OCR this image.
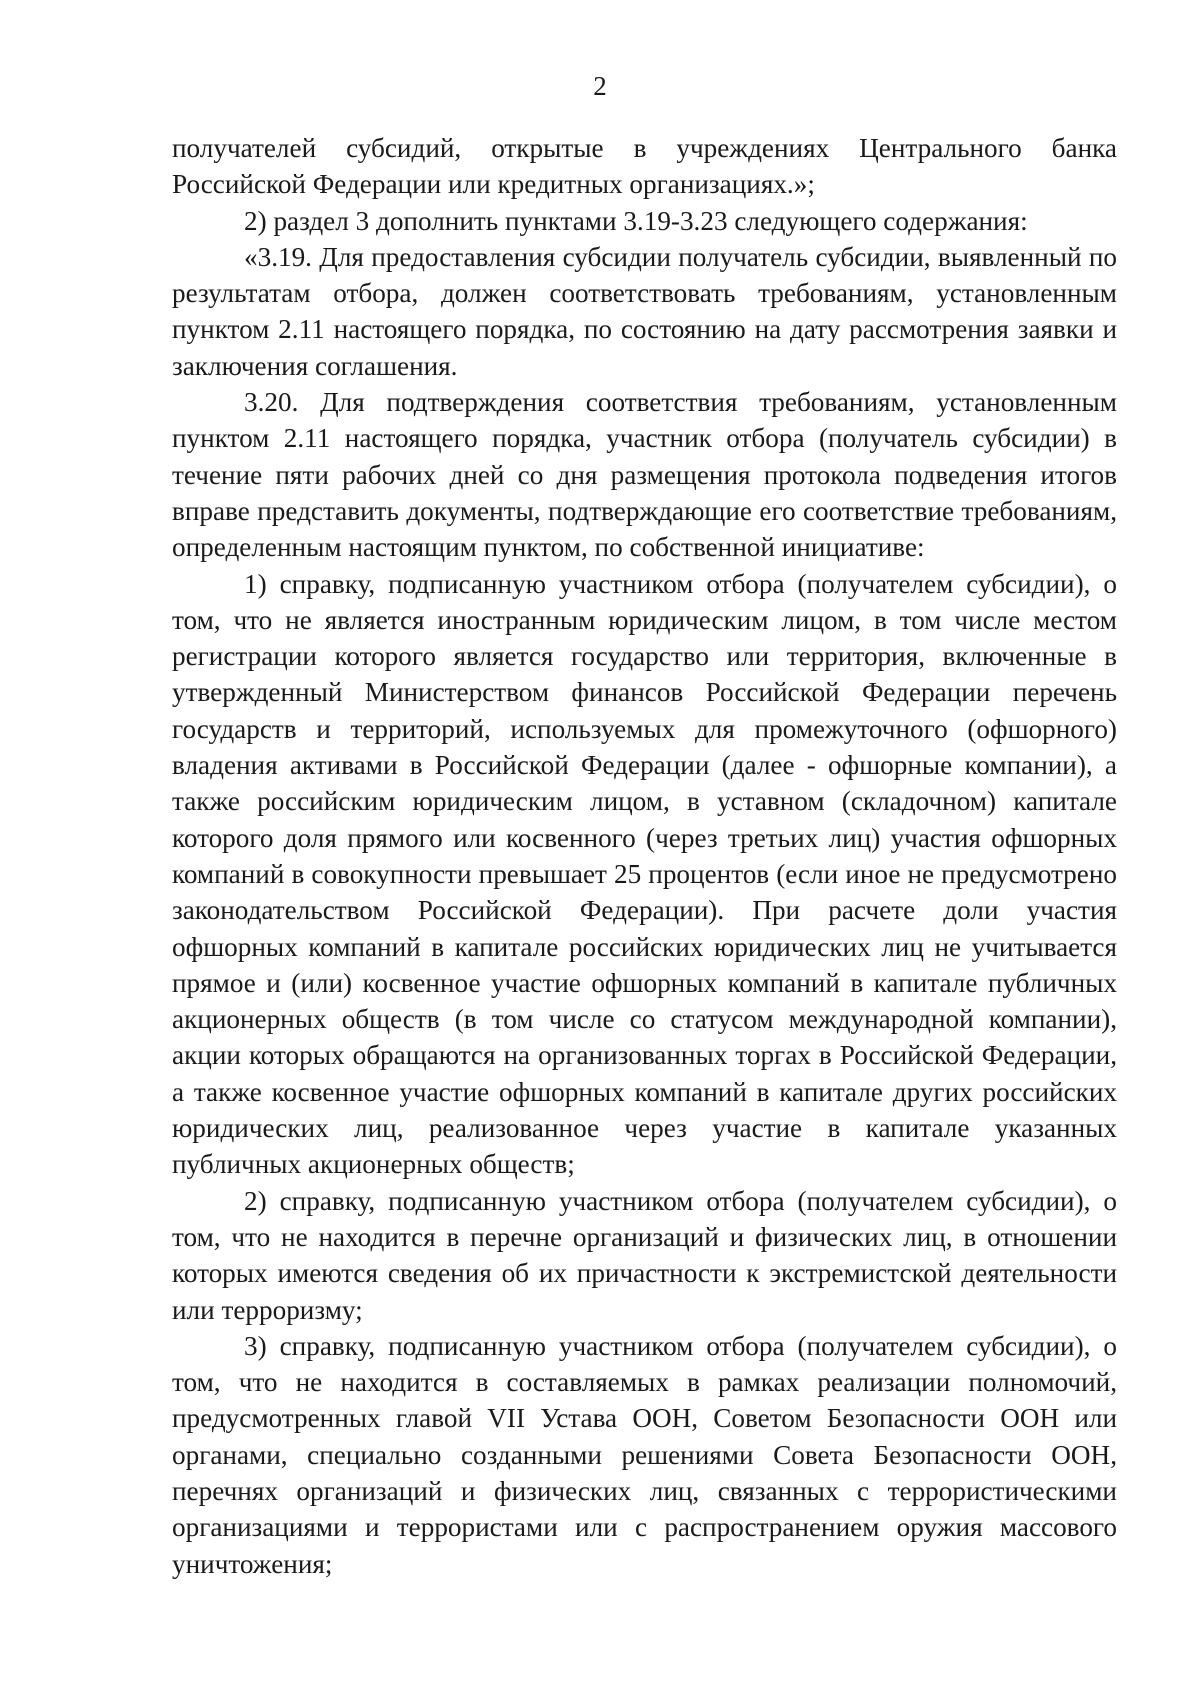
2

получателей субсидий, открытые в учреждениях Центрального банка Российской Федерации или кредитных организациях.»;

2) раздел 3 дополнить пунктами 3.19-3.23 следующего содержания:

«3.19. Для предоставления субсидии получатель субсидии, выявленный по результатам отбора, должен соответствовать требованиям, установленным пунктом 2.11 настоящего порядка, по состоянию на дату рассмотрения заявки и заключения соглашения.

3.20. Для подтверждения соответствия требованиям, установленным пунктом 2.11 настоящего порядка, участник отбора (получатель субсидии) в течение пяти рабочих дней со дня размещения протокола подведения итогов вправе представить документы, подтверждающие его соответствие требованиям, определенным настоящим пунктом, по собственной инициативе:

1) справку, подписанную участником отбора (получателем субсидии), о том, что не является иностранным юридическим лицом, в том числе местом регистрации которого является государство или территория, включенные в утвержденный Министерством финансов Российской Федерации перечень государств и территорий, используемых для промежуточного (офшорного) владения активами в Российской Федерации (далее - офшорные компании), а также российским юридическим лицом, в уставном (складочном) капитале которого доля прямого или косвенного (через третьих лиц) участия офшорных компаний в совокупности превышает 25 процентов (если иное не предусмотрено законодательством Российской Федерации). При расчете доли участия офшорных компаний в капитале российских юридических лиц не учитывается прямое и (или) косвенное участие офшорных компаний в капитале публичных акционерных обществ (в том числе со статусом международной компании), акции которых обращаются на организованных торгах в Российской Федерации, а также косвенное участие офшорных компаний в капитале других российских юридических лиц, реализованное через участие в капитале указанных публичных акционерных обществ;

2) справку, подписанную участником отбора (получателем субсидии), о том, что не находится в перечне организаций и физических лиц, в отношении которых имеются сведения об их причастности к экстремистской деятельности или терроризму;

3) справку, подписанную участником отбора (получателем субсидии), о том, что не находится в составляемых в рамках реализации полномочий, предусмотренных главой VII Устава ООН, Советом Безопасности ООН или органами, специально созданными решениями Совета Безопасности ООН, перечнях организаций и физических лиц, связанных с террористическими организациями и террористами или с распространением оружия массового уничтожения;
